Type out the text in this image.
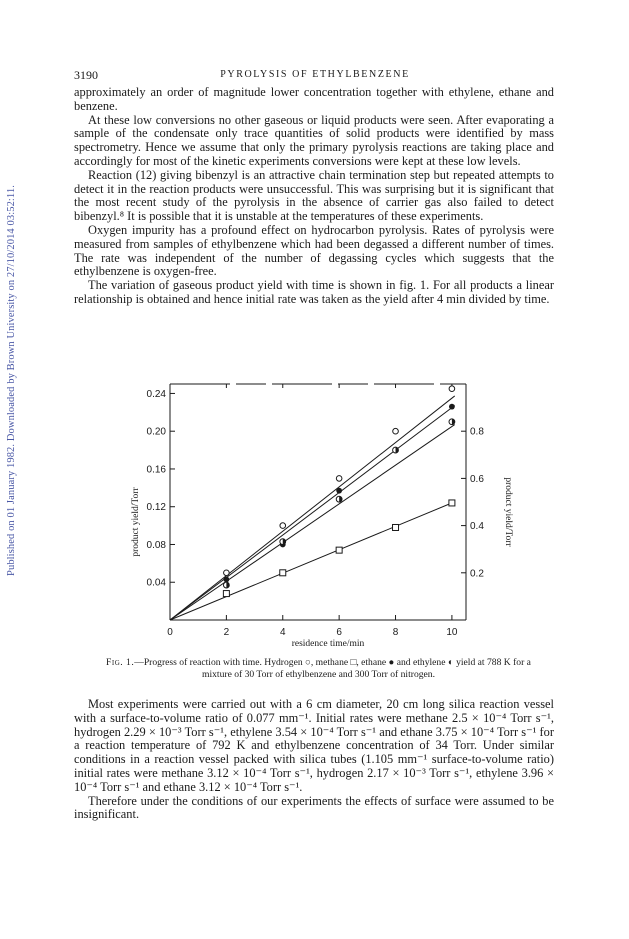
Published on 01 January 1982. Downloaded by Brown University on 27/10/2014 03:52:11.
3190	PYROLYSIS OF ETHYLBENZENE

approximately an order of magnitude lower concentration together with ethylene, ethane and benzene.

At these low conversions no other gaseous or liquid products were seen. After evaporating a sample of the condensate only trace quantities of solid products were identified by mass spectrometry. Hence we assume that only the primary pyrolysis reactions are taking place and accordingly for most of the kinetic experiments conversions were kept at these low levels.

Reaction (12) giving bibenzyl is an attractive chain termination step but repeated attempts to detect it in the reaction products were unsuccessful. This was surprising but it is significant that the most recent study of the pyrolysis in the absence of carrier gas also failed to detect bibenzyl.⁸ It is possible that it is unstable at the temperatures of these experiments.

Oxygen impurity has a profound effect on hydrocarbon pyrolysis. Rates of pyrolysis were measured from samples of ethylbenzene which had been degassed a different number of times. The rate was independent of the number of degassing cycles which suggests that the ethylbenzene is oxygen-free.

The variation of gaseous product yield with time is shown in fig. 1. For all products a linear relationship is obtained and hence initial rate was taken as the yield after 4 min divided by time.

0	2	4	6	8	10
0.04
0.08
0.12
0.16
0.20
0.24
0.2
0.4
0.6
0.8
residence time/min
product yield/Torr	product yield/Torr
Fig. 1.—Progress of reaction with time. Hydrogen ○, methane □, ethane ● and ethylene ◐ yield at 788 K for a mixture of 30 Torr of ethylbenzene and 300 Torr of nitrogen.

Most experiments were carried out with a 6 cm diameter, 20 cm long silica reaction vessel with a surface-to-volume ratio of 0.077 mm⁻¹. Initial rates were methane 2.5 × 10⁻⁴ Torr s⁻¹, hydrogen 2.29 × 10⁻³ Torr s⁻¹, ethylene 3.54 × 10⁻⁴ Torr s⁻¹ and ethane 3.75 × 10⁻⁴ Torr s⁻¹ for a reaction temperature of 792 K and ethylbenzene concentration of 34 Torr. Under similar conditions in a reaction vessel packed with silica tubes (1.105 mm⁻¹ surface-to-volume ratio) initial rates were methane 3.12 × 10⁻⁴ Torr s⁻¹, hydrogen 2.17 × 10⁻³ Torr s⁻¹, ethylene 3.96 × 10⁻⁴ Torr s⁻¹ and ethane 3.12 × 10⁻⁴ Torr s⁻¹.

Therefore under the conditions of our experiments the effects of surface were assumed to be insignificant.
